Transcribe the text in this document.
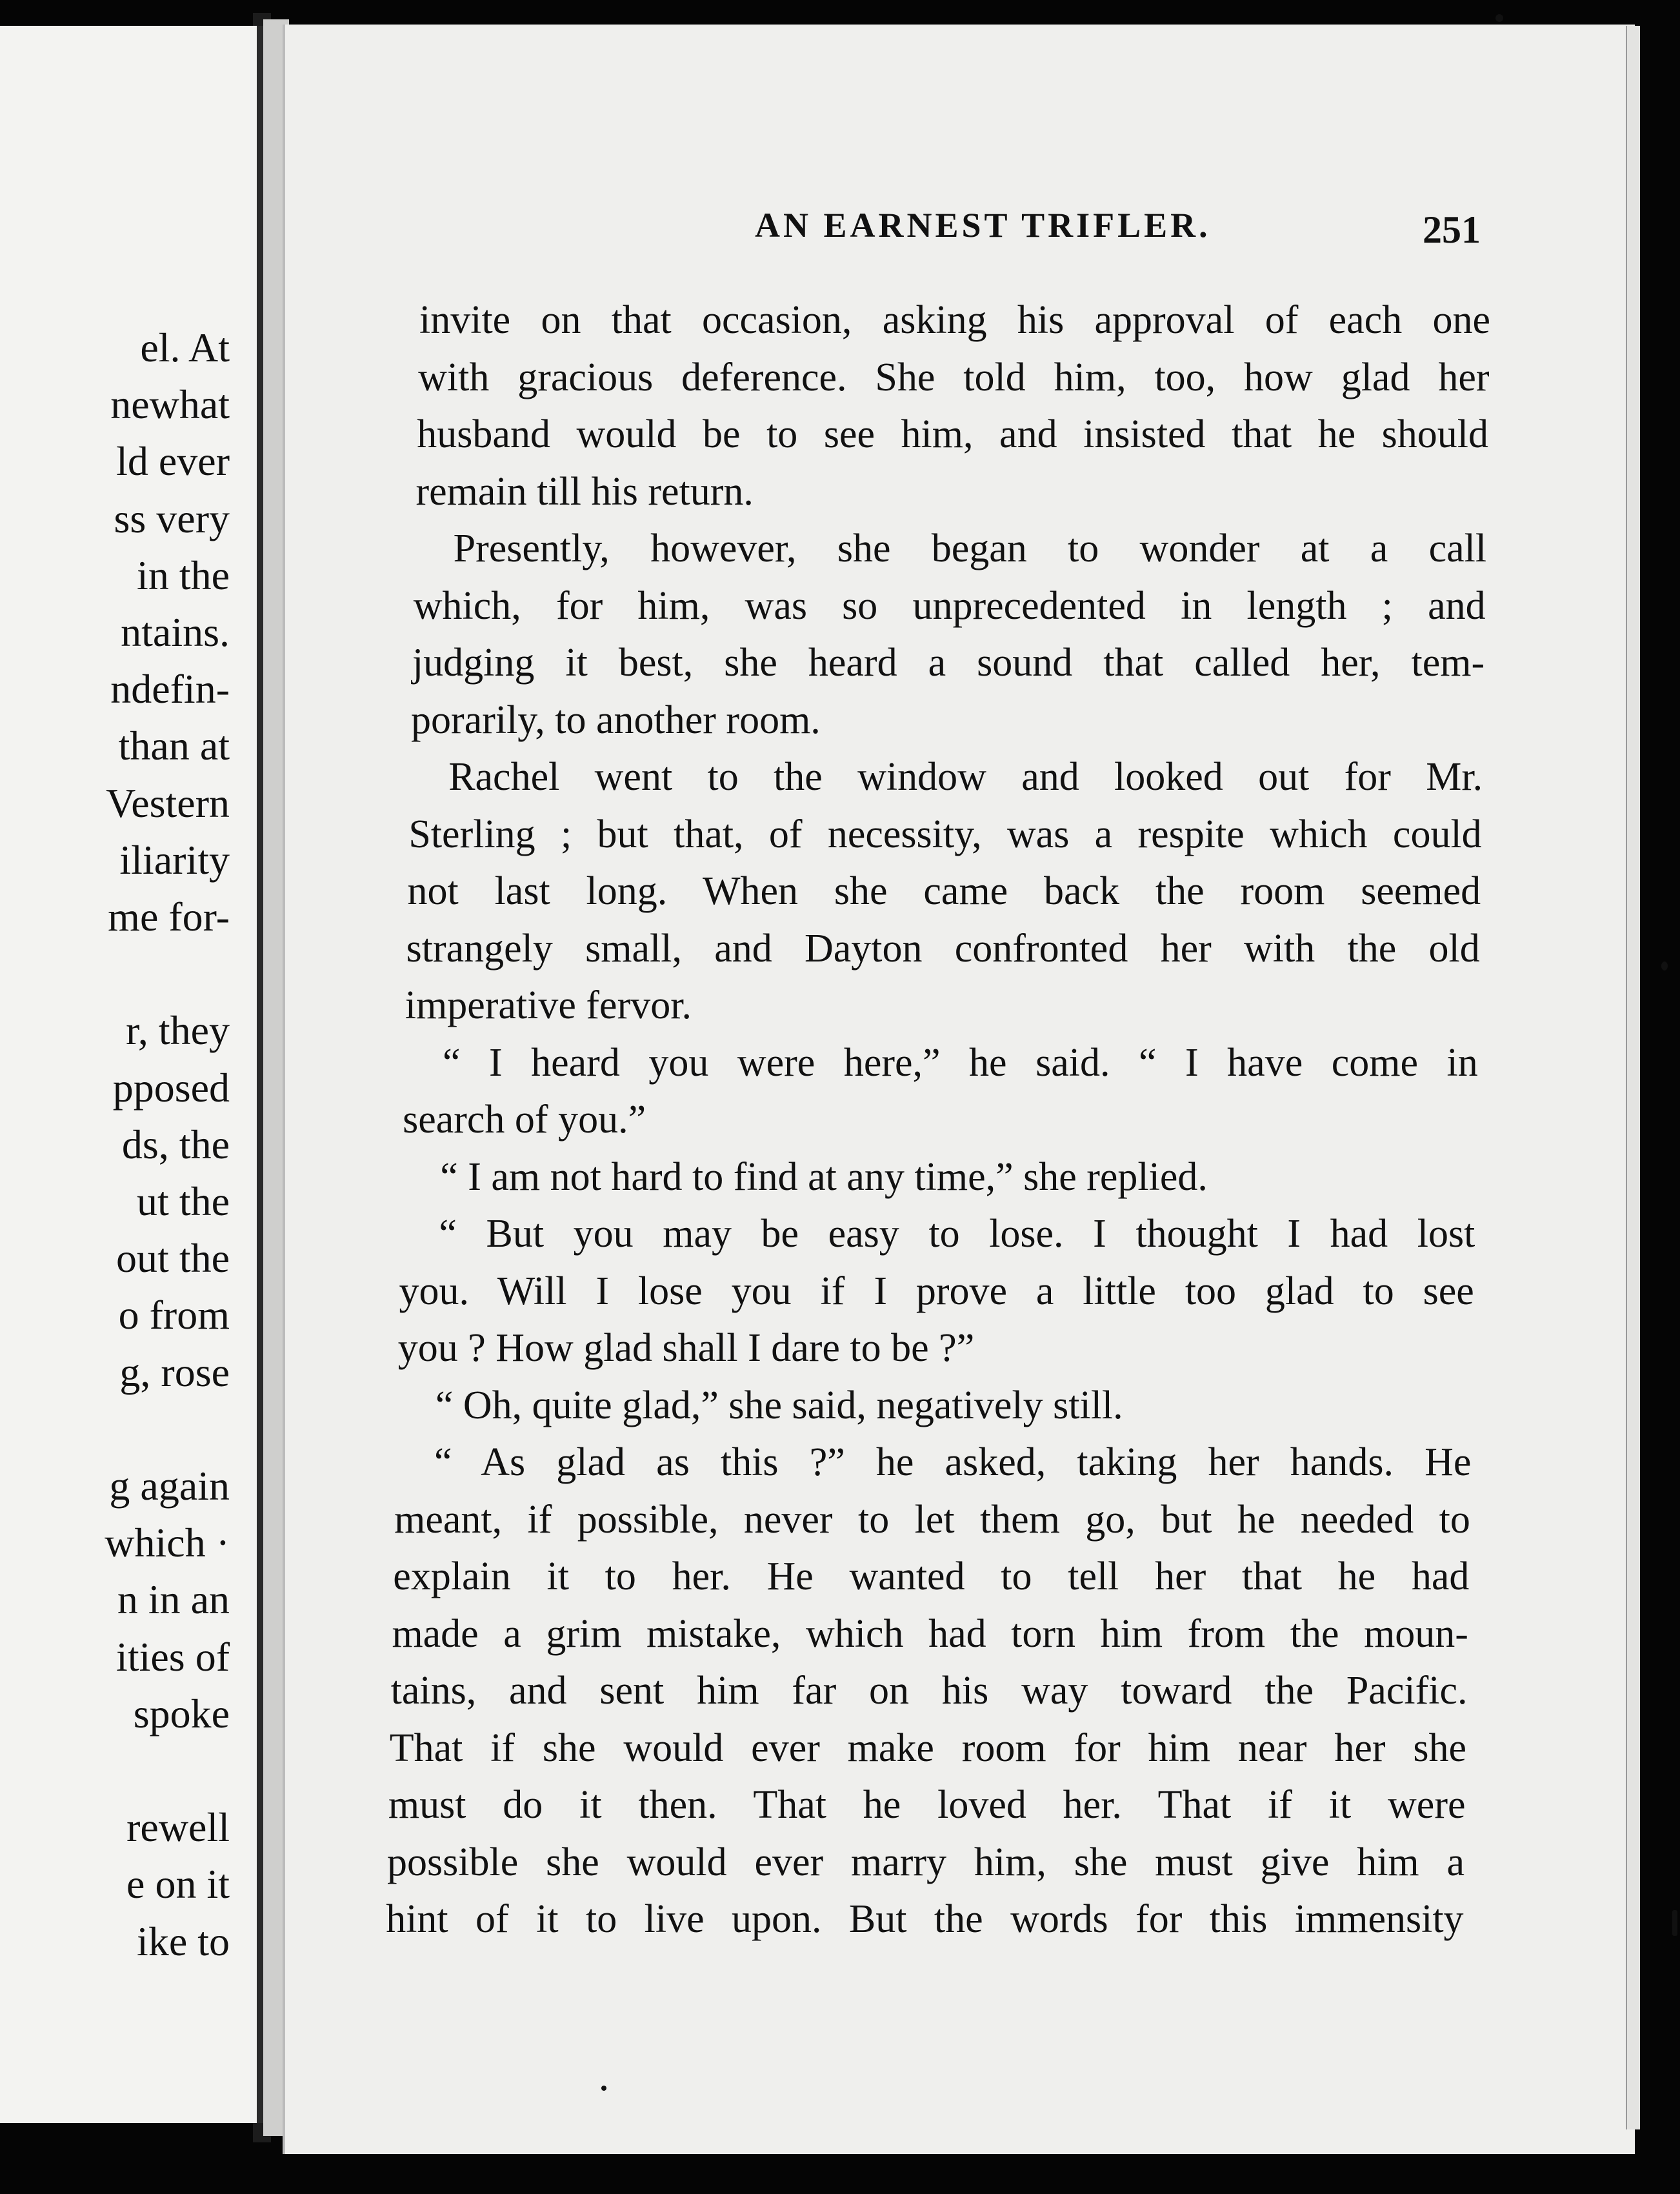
el. At
newhat
ld ever
ss very
in the
ntains.
ndefin-
than at
Vestern
iliarity
me for-
r, they
pposed
ds, the
ut the
out the
o from
g, rose
g again
which ·
n in an
ities of
spoke
rewell
e on it
ike to
AN EARNEST TRIFLER.	251
invite on that occasion, asking his approval of each one
with gracious deference. She told him, too, how glad her
husband would be to see him, and insisted that he should
remain till his return.
Presently, however, she began to wonder at a call
which, for him, was so unprecedented in length ; and
judging it best, she heard a sound that called her, tem-
porarily, to another room.
Rachel went to the window and looked out for Mr.
Sterling ; but that, of necessity, was a respite which could
not last long. When she came back the room seemed
strangely small, and Dayton confronted her with the old
imperative fervor.
“ I heard you were here,” he said. “ I have come in
search of you.”
“ I am not hard to find at any time,” she replied.
“ But you may be easy to lose. I thought I had lost
you. Will I lose you if I prove a little too glad to see
you ? How glad shall I dare to be ?”
“ Oh, quite glad,” she said, negatively still.
“ As glad as this ?” he asked, taking her hands. He
meant, if possible, never to let them go, but he needed to
explain it to her. He wanted to tell her that he had
made a grim mistake, which had torn him from the moun-
tains, and sent him far on his way toward the Pacific.
That if she would ever make room for him near her she
must do it then. That he loved her. That if it were
possible she would ever marry him, she must give him a
hint of it to live upon. But the words for this immensity
